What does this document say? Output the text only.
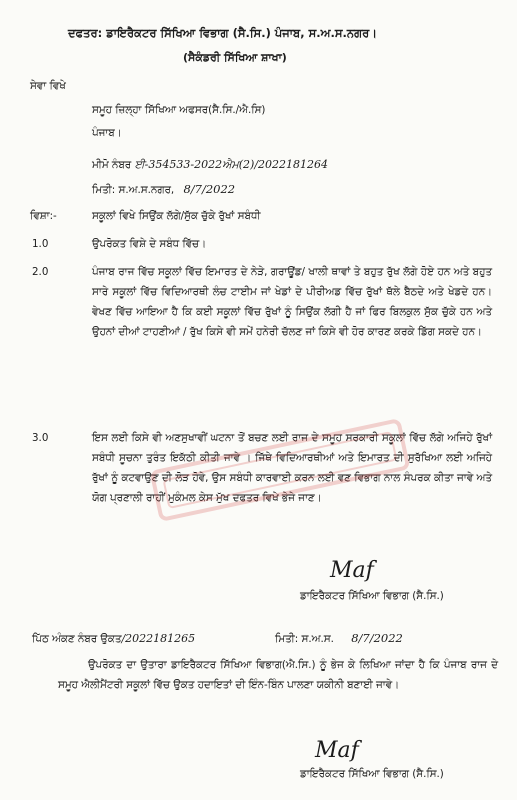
ਦਫਤਰ: ਡਾਇਰੈਕਟਰ ਸਿੱਖਿਆ ਵਿਭਾਗ (ਸੈ.ਸਿ.) ਪੰਜਾਬ, ਸ.ਅ.ਸ.ਨਗਰ।
(ਸੈਕੰਡਰੀ ਸਿੱਖਿਆ ਸ਼ਾਖਾ)
ਸੇਵਾ ਵਿਖੇ
ਸਮੂਹ ਜ਼ਿਲ੍ਹਾ ਸਿੱਖਿਆ ਅਫਸਰ(ਸੈ.ਸਿ./ਐ.ਸਿ)
ਪੰਜਾਬ।
ਮੀਮੋ ਨੰਬਰ ਈ-354533-2022ਐਮ(2)/2022181264
ਮਿਤੀ: ਸ.ਅ.ਸ.ਨਗਰ, 8/7/2022
ਵਿਸ਼ਾ:-	ਸਕੂਲਾਂ ਵਿਖੇ ਸਿਉਂਕ ਲੱਗੇ/ਸੁੱਕ ਚੁੱਕੇ ਰੁੱਖਾਂ ਸਬੰਧੀ
1.0	ਉਪਰੋਕਤ ਵਿਸ਼ੇ ਦੇ ਸਬੰਧ ਵਿੱਚ।
2.0	ਪੰਜਾਬ ਰਾਜ ਵਿੱਚ ਸਕੂਲਾਂ ਵਿੱਚ ਇਮਾਰਤ ਦੇ ਨੇੜੇ, ਗਰਾਊਂਡ/ ਖਾਲੀ ਥਾਵਾਂ ਤੇ ਬਹੁਤ ਰੁੱਖ ਲੱਗੇ ਹੋਏ ਹਨ ਅਤੇ ਬਹੁਤ ਸਾਰੇ ਸਕੂਲਾਂ ਵਿੱਚ ਵਿਦਿਆਰਥੀ ਲੰਚ ਟਾਈਮ ਜਾਂ ਖੇਡਾਂ ਦੇ ਪੀਰੀਅਡ ਵਿੱਚ ਰੁੱਖਾਂ ਥੱਲੇ ਬੈਠਦੇ ਅਤੇ ਖੇਡਦੇ ਹਨ। ਵੇਖਣ ਵਿੱਚ ਆਇਆ ਹੈ ਕਿ ਕਈ ਸਕੂਲਾਂ ਵਿੱਚ ਰੁੱਖਾਂ ਨੂੰ ਸਿਉਂਕ ਲੱਗੀ ਹੈ ਜਾਂ ਫਿਰ ਬਿਲਕੁਲ ਸੁੱਕ ਚੁੱਕੇ ਹਨ ਅਤੇ ਉਹਨਾਂ ਦੀਆਂ ਟਾਹਣੀਆਂ / ਰੁੱਖ ਕਿਸੇ ਵੀ ਸਮੇਂ ਹਨੇਰੀ ਚੱਲਣ ਜਾਂ ਕਿਸੇ ਵੀ ਹੋਰ ਕਾਰਣ ਕਰਕੇ ਡਿੱਗ ਸਕਦੇ ਹਨ।
3.0	ਇਸ ਲਈ ਕਿਸੇ ਵੀ ਅਣਸੁਖਾਵੀਂ ਘਟਨਾ ਤੋਂ ਬਚਣ ਲਈ ਰਾਜ ਦੇ ਸਮੂਹ ਸਰਕਾਰੀ ਸਕੂਲਾਂ ਵਿੱਚ ਲੱਗੇ ਅਜਿਹੇ ਰੁੱਖਾਂ ਸਬੰਧੀ ਸੂਚਨਾ ਤੁਰੰਤ ਇਕੱਠੀ ਕੀਤੀ ਜਾਵੇ । ਜਿੱਥੇ ਵਿਦਿਆਰਥੀਆਂ ਅਤੇ ਇਮਾਰਤ ਦੀ ਸੁਰੱਖਿਆ ਲਈ ਅਜਿਹੇ ਰੁੱਖਾਂ ਨੂੰ ਕਟਵਾਉਣ ਦੀ ਲੋੜ ਹੋਵੇ, ਉਸ ਸਬੰਧੀ ਕਾਰਵਾਈ ਕਰਨ ਲਈ ਵਣ ਵਿਭਾਗ ਨਾਲ ਸੰਪਰਕ ਕੀਤਾ ਜਾਵੇ ਅਤੇ ਯੋਗ ਪ੍ਰਣਾਲੀ ਰਾਹੀਂ ਮੁਕੰਮਲ ਕੇਸ ਮੁੱਖ ਦਫਤਰ ਵਿਖੇ ਭੇਜੇ ਜਾਣ।
Maf
ਡਾਇਰੈਕਟਰ ਸਿੱਖਿਆ ਵਿਭਾਗ (ਸੈ.ਸਿ.)
ਪਿੱਠ ਅੰਕਣ ਨੰਬਰ ਉਕਤ/2022181265	ਮਿਤੀ: ਸ.ਅ.ਸ. 8/7/2022
ਉਪਰੋਕਤ ਦਾ ਉਤਾਰਾ ਡਾਇਰੈਕਟਰ ਸਿੱਖਿਆ ਵਿਭਾਗ(ਐ.ਸਿ.) ਨੂੰ ਭੇਜ ਕੇ ਲਿਖਿਆ ਜਾਂਦਾ ਹੈ ਕਿ ਪੰਜਾਬ ਰਾਜ ਦੇ ਸਮੂਹ ਐਲੀਮੈਂਟਰੀ ਸਕੂਲਾਂ ਵਿੱਚ ਉਕਤ ਹਦਾਇਤਾਂ ਦੀ ਇੰਨ-ਬਿੰਨ ਪਾਲਣਾ ਯਕੀਨੀ ਬਣਾਈ ਜਾਵੇ।
Maf
ਡਾਇਰੈਕਟਰ ਸਿੱਖਿਆ ਵਿਭਾਗ (ਸੈ.ਸਿ.)
